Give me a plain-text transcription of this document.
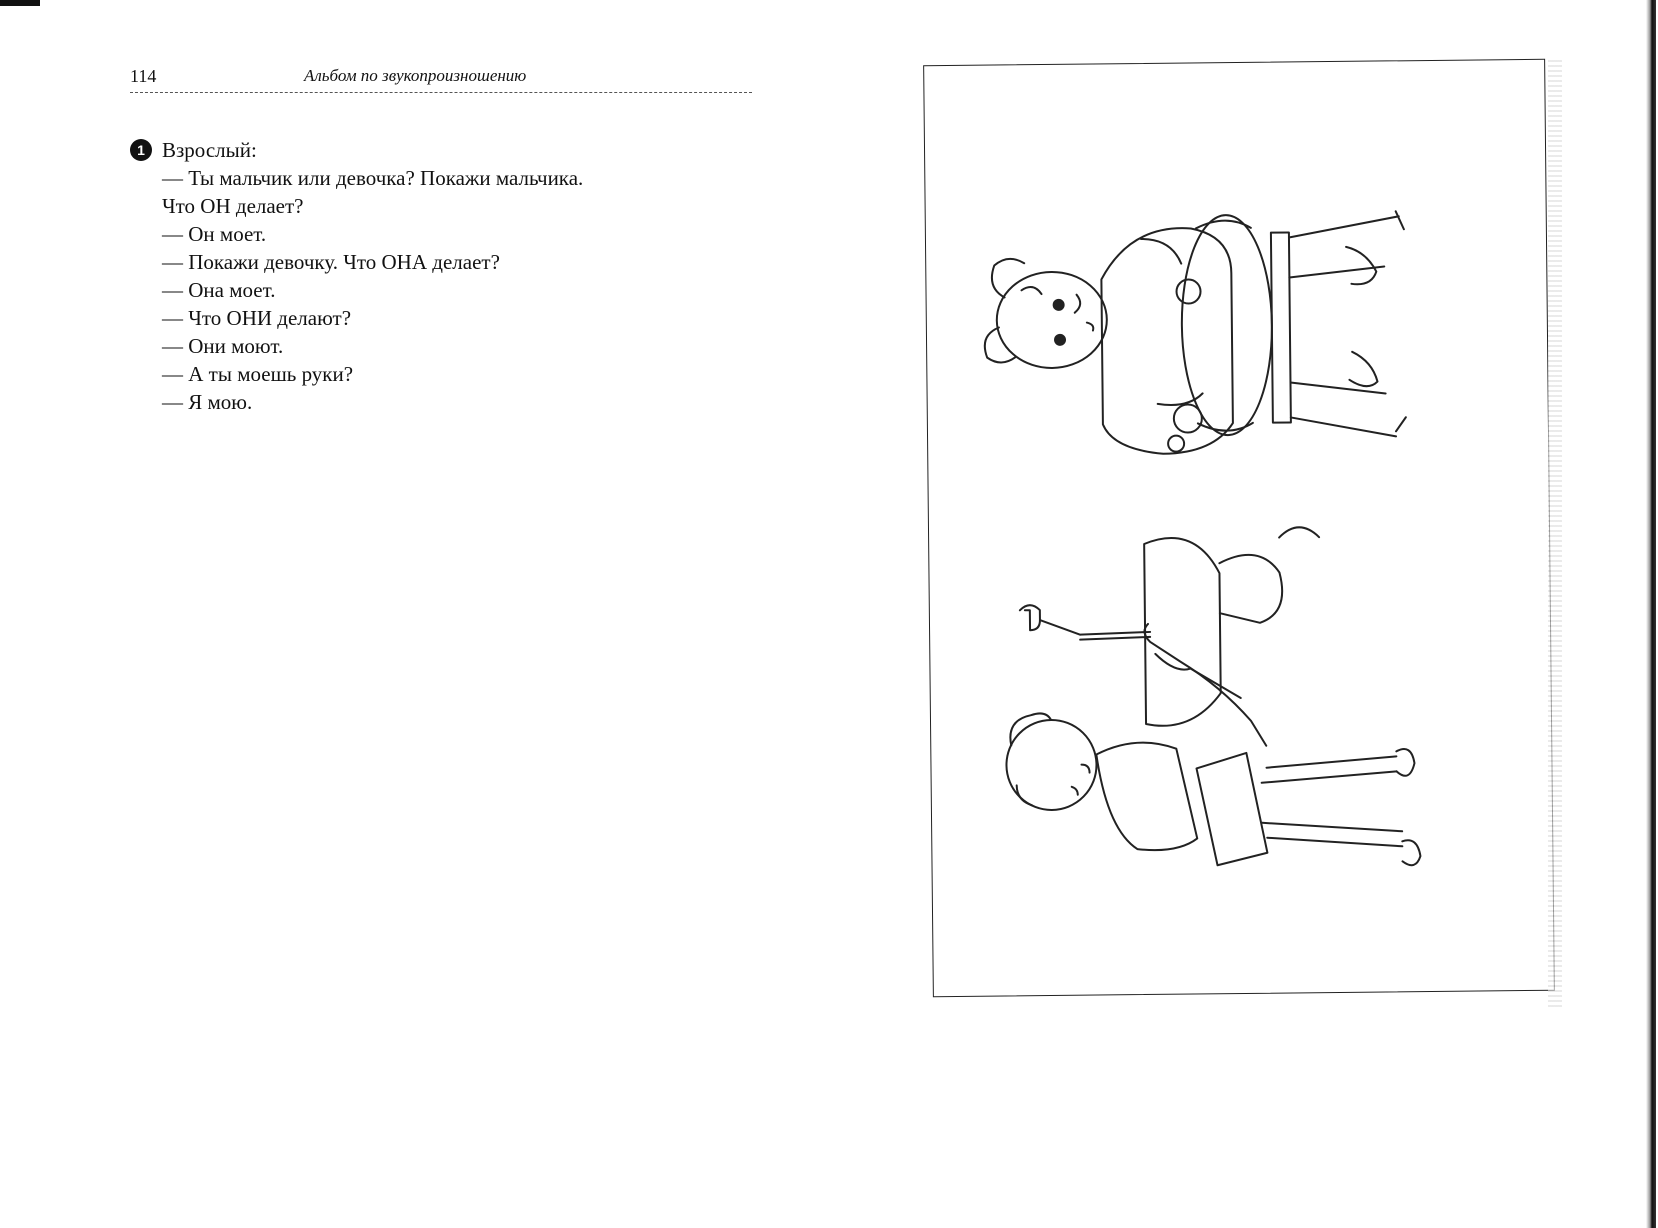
114	Альбом по звукопроизношению
1 Взрослый:
— Ты мальчик или девочка? Покажи мальчика.
Что ОН делает?
— Он моет.
— Покажи девочку. Что ОНА делает?
— Она моет.
— Что ОНИ делают?
— Они моют.
— А ты моешь руки?
— Я мою.
